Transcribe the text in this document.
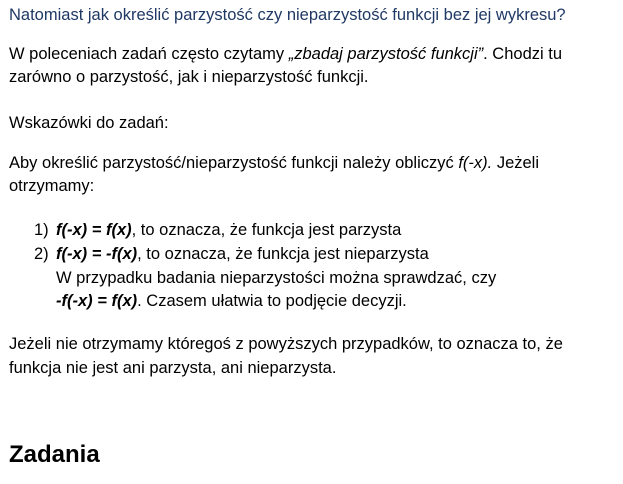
Natomiast jak określić parzystość czy nieparzystość funkcji bez jej wykresu?
W poleceniach zadań często czytamy „zbadaj parzystość funkcji”. Chodzi tu
zarówno o parzystość, jak i nieparzystość funkcji.
Wskazówki do zadań:
Aby określić parzystość/nieparzystość funkcji należy obliczyć f(-x). Jeżeli
otrzymamy:
1) f(-x) = f(x), to oznacza, że funkcja jest parzysta
2) f(-x) = -f(x), to oznacza, że funkcja jest nieparzysta
W przypadku badania nieparzystości można sprawdzać, czy
-f(-x) = f(x). Czasem ułatwia to podjęcie decyzji.
Jeżeli nie otrzymamy któregoś z powyższych przypadków, to oznacza to, że
funkcja nie jest ani parzysta, ani nieparzysta.
Zadania
